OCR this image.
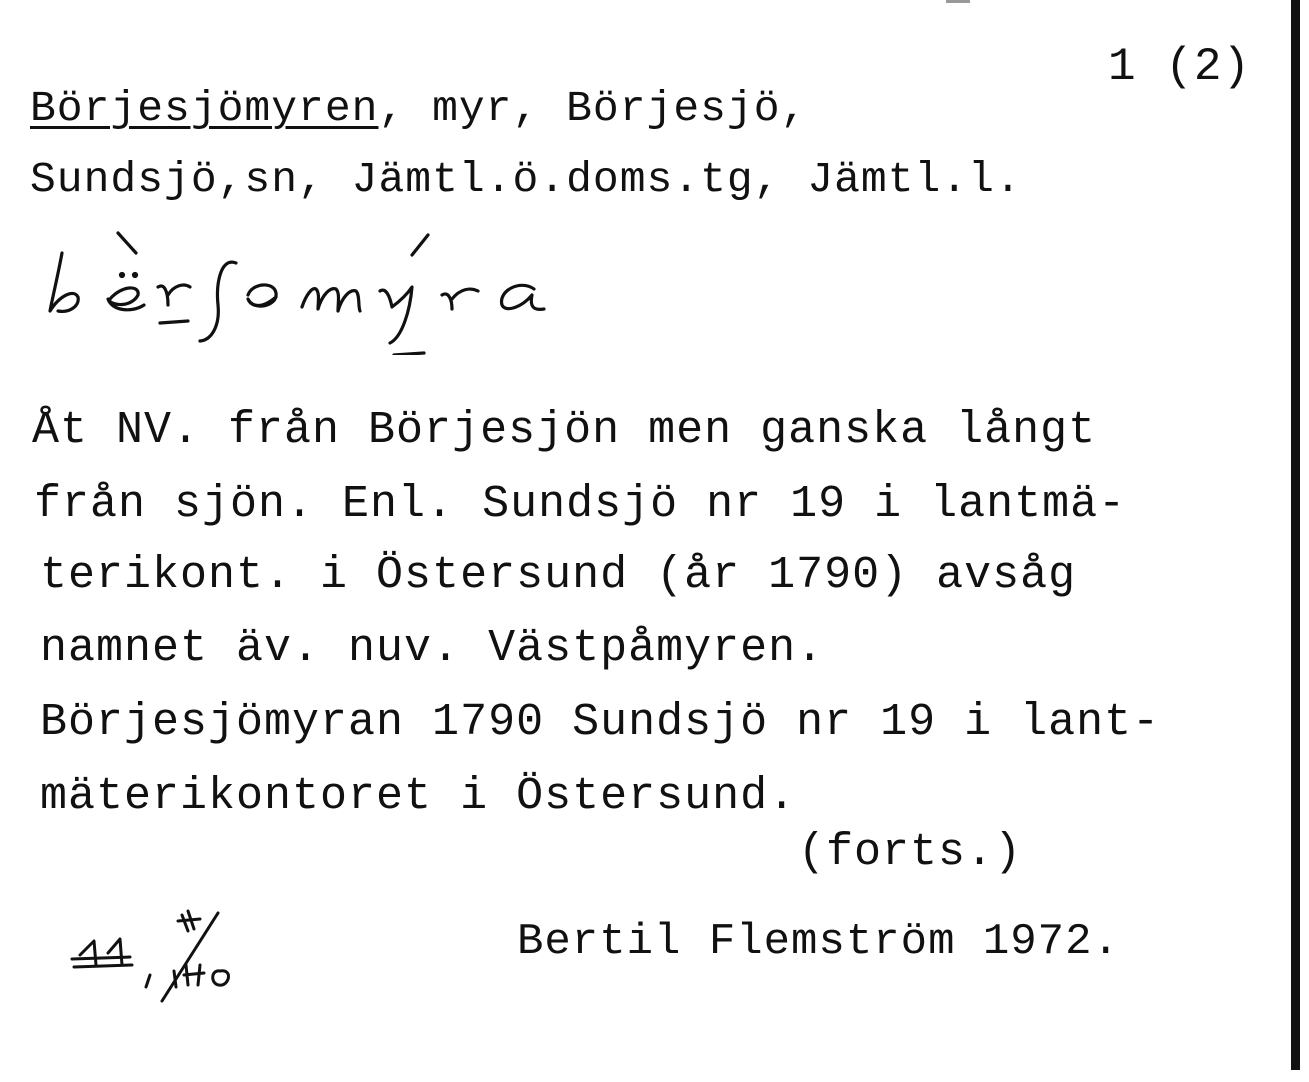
1 (2)
Börjesjömyren, myr, Börjesjö,
Sundsjö,sn, Jämtl.ö.doms.tg, Jämtl.l.
Åt NV. från Börjesjön men ganska långt
från sjön. Enl. Sundsjö nr 19 i lantmä-
terikont. i Östersund (år 1790) avsåg
namnet äv. nuv. Västpåmyren.
Börjesjömyran 1790 Sundsjö nr 19 i lant-
mäterikontoret i Östersund.
(forts.)
Bertil Flemström 1972.
